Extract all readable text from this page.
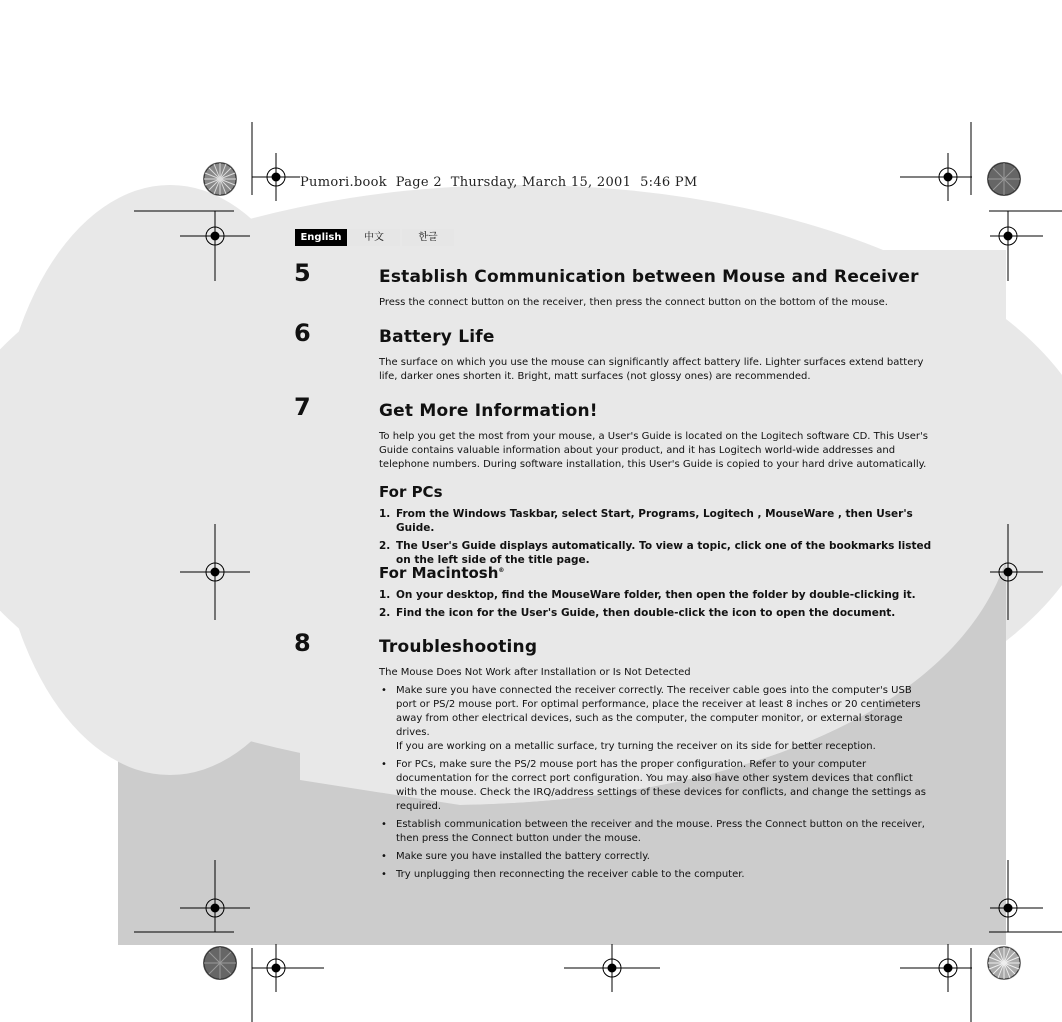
Pumori.book  Page 2  Thursday, March 15, 2001  5:46 PM
English	中文	한글
5	Establish Communication between Mouse and Receiver
Press the connect button on the receiver, then press the connect button on the bottom of the mouse.
6	Battery Life
The surface on which you use the mouse can significantly affect battery life. Lighter surfaces extend battery life, darker ones shorten it. Bright, matt surfaces (not glossy ones) are recommended.
7	Get More Information!
To help you get the most from your mouse, a User's Guide is located on the Logitech software CD. This User's Guide contains valuable information about your product, and it has Logitech world-wide addresses and telephone numbers. During software installation, this User's Guide is copied to your hard drive automatically.
For PCs
1. From the Windows Taskbar, select Start, Programs, Logitech , MouseWare , then User's Guide.
2. The User's Guide displays automatically. To view a topic, click one of the bookmarks listed on the left side of the title page.
For Macintosh®
1. On your desktop, find the MouseWare folder, then open the folder by double-clicking it.
2. Find the icon for the User's Guide, then double-click the icon to open the document.
8	Troubleshooting
The Mouse Does Not Work after Installation or Is Not Detected
• Make sure you have connected the receiver correctly. The receiver cable goes into the computer's USB port or PS/2 mouse port. For optimal performance, place the receiver at least 8 inches or 20 centimeters away from other electrical devices, such as the computer, the computer monitor, or external storage drives.
If you are working on a metallic surface, try turning the receiver on its side for better reception.
• For PCs, make sure the PS/2 mouse port has the proper configuration. Refer to your computer documentation for the correct port configuration. You may also have other system devices that conflict with the mouse. Check the IRQ/address settings of these devices for conflicts, and change the settings as required.
• Establish communication between the receiver and the mouse. Press the Connect button on the receiver, then press the Connect button under the mouse.
• Make sure you have installed the battery correctly.
• Try unplugging then reconnecting the receiver cable to the computer.
